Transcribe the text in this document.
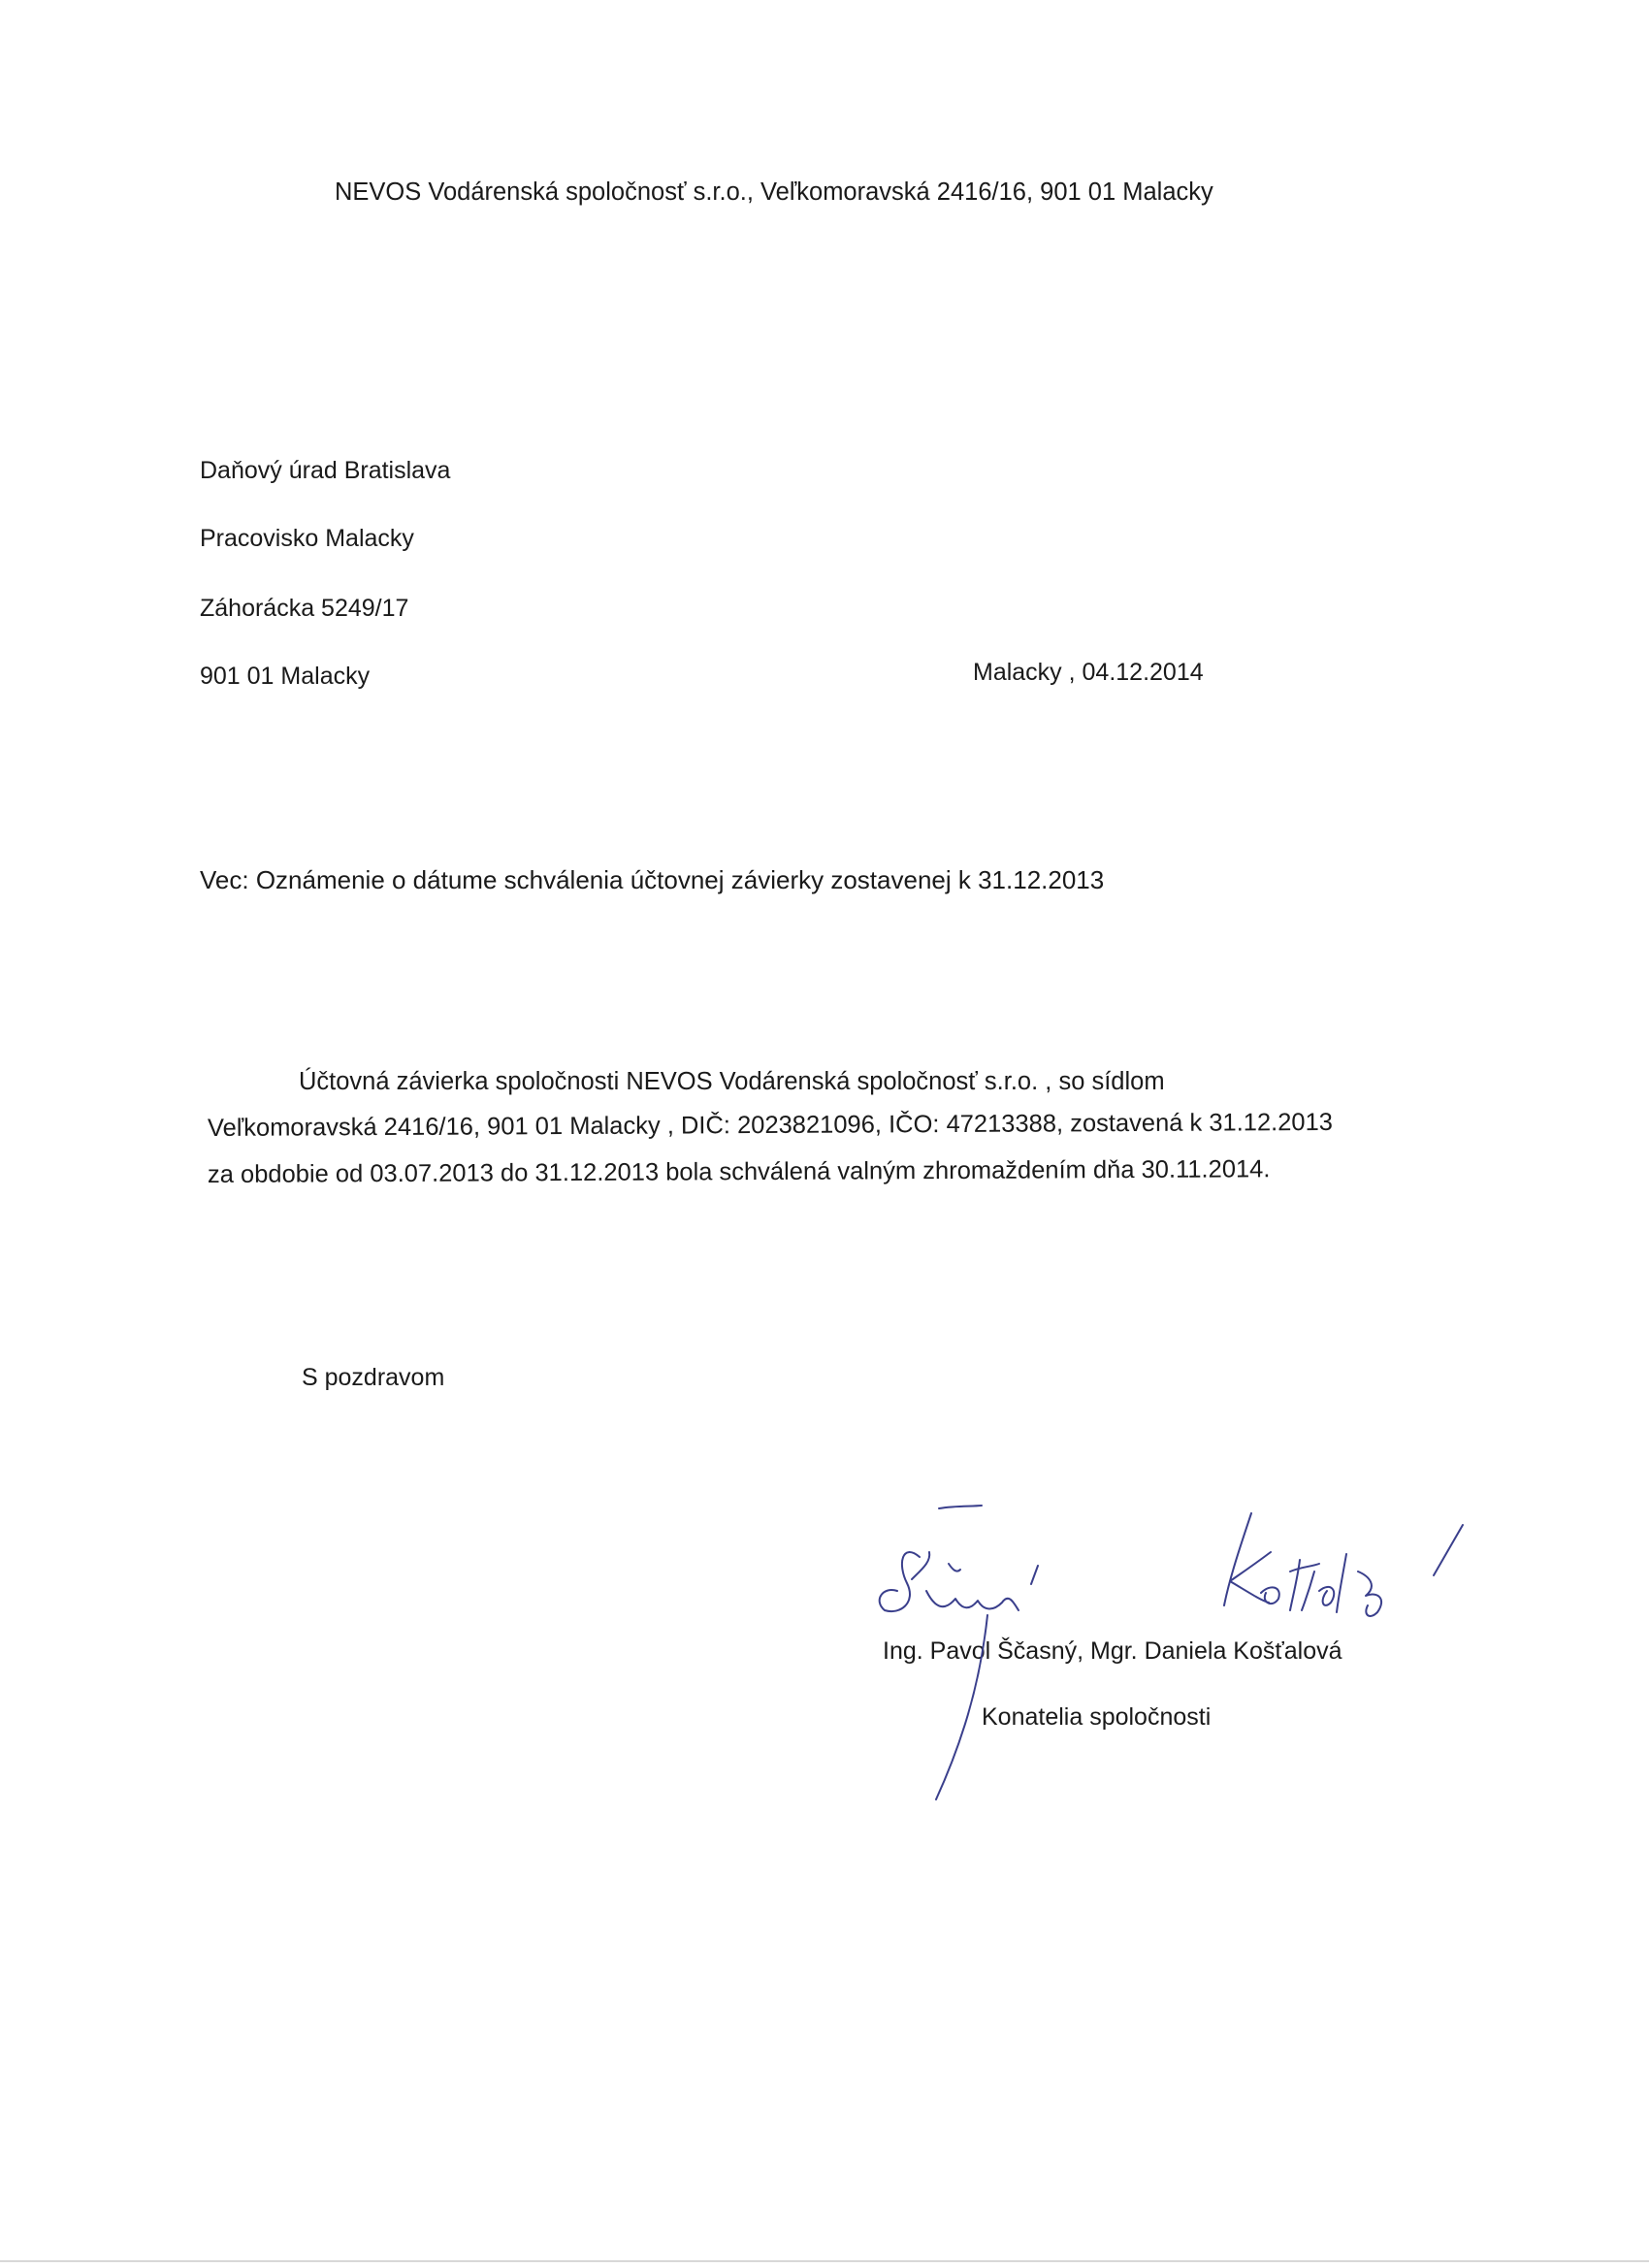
NEVOS Vodárenská spoločnosť s.r.o., Veľkomoravská 2416/16, 901 01 Malacky
Daňový úrad Bratislava
Pracovisko Malacky
Záhorácka 5249/17
901 01 Malacky	Malacky , 04.12.2014
Vec: Oznámenie o dátume schválenia účtovnej závierky zostavenej k 31.12.2013
Účtovná závierka spoločnosti NEVOS Vodárenská spoločnosť s.r.o. , so sídlom
Veľkomoravská 2416/16, 901 01 Malacky , DIČ: 2023821096, IČO: 47213388, zostavená k 31.12.2013
za obdobie od 03.07.2013 do 31.12.2013 bola schválená valným zhromaždením dňa 30.11.2014.
S pozdravom
Ing. Pavol Ščasný, Mgr. Daniela Košťalová
Konatelia spoločnosti
